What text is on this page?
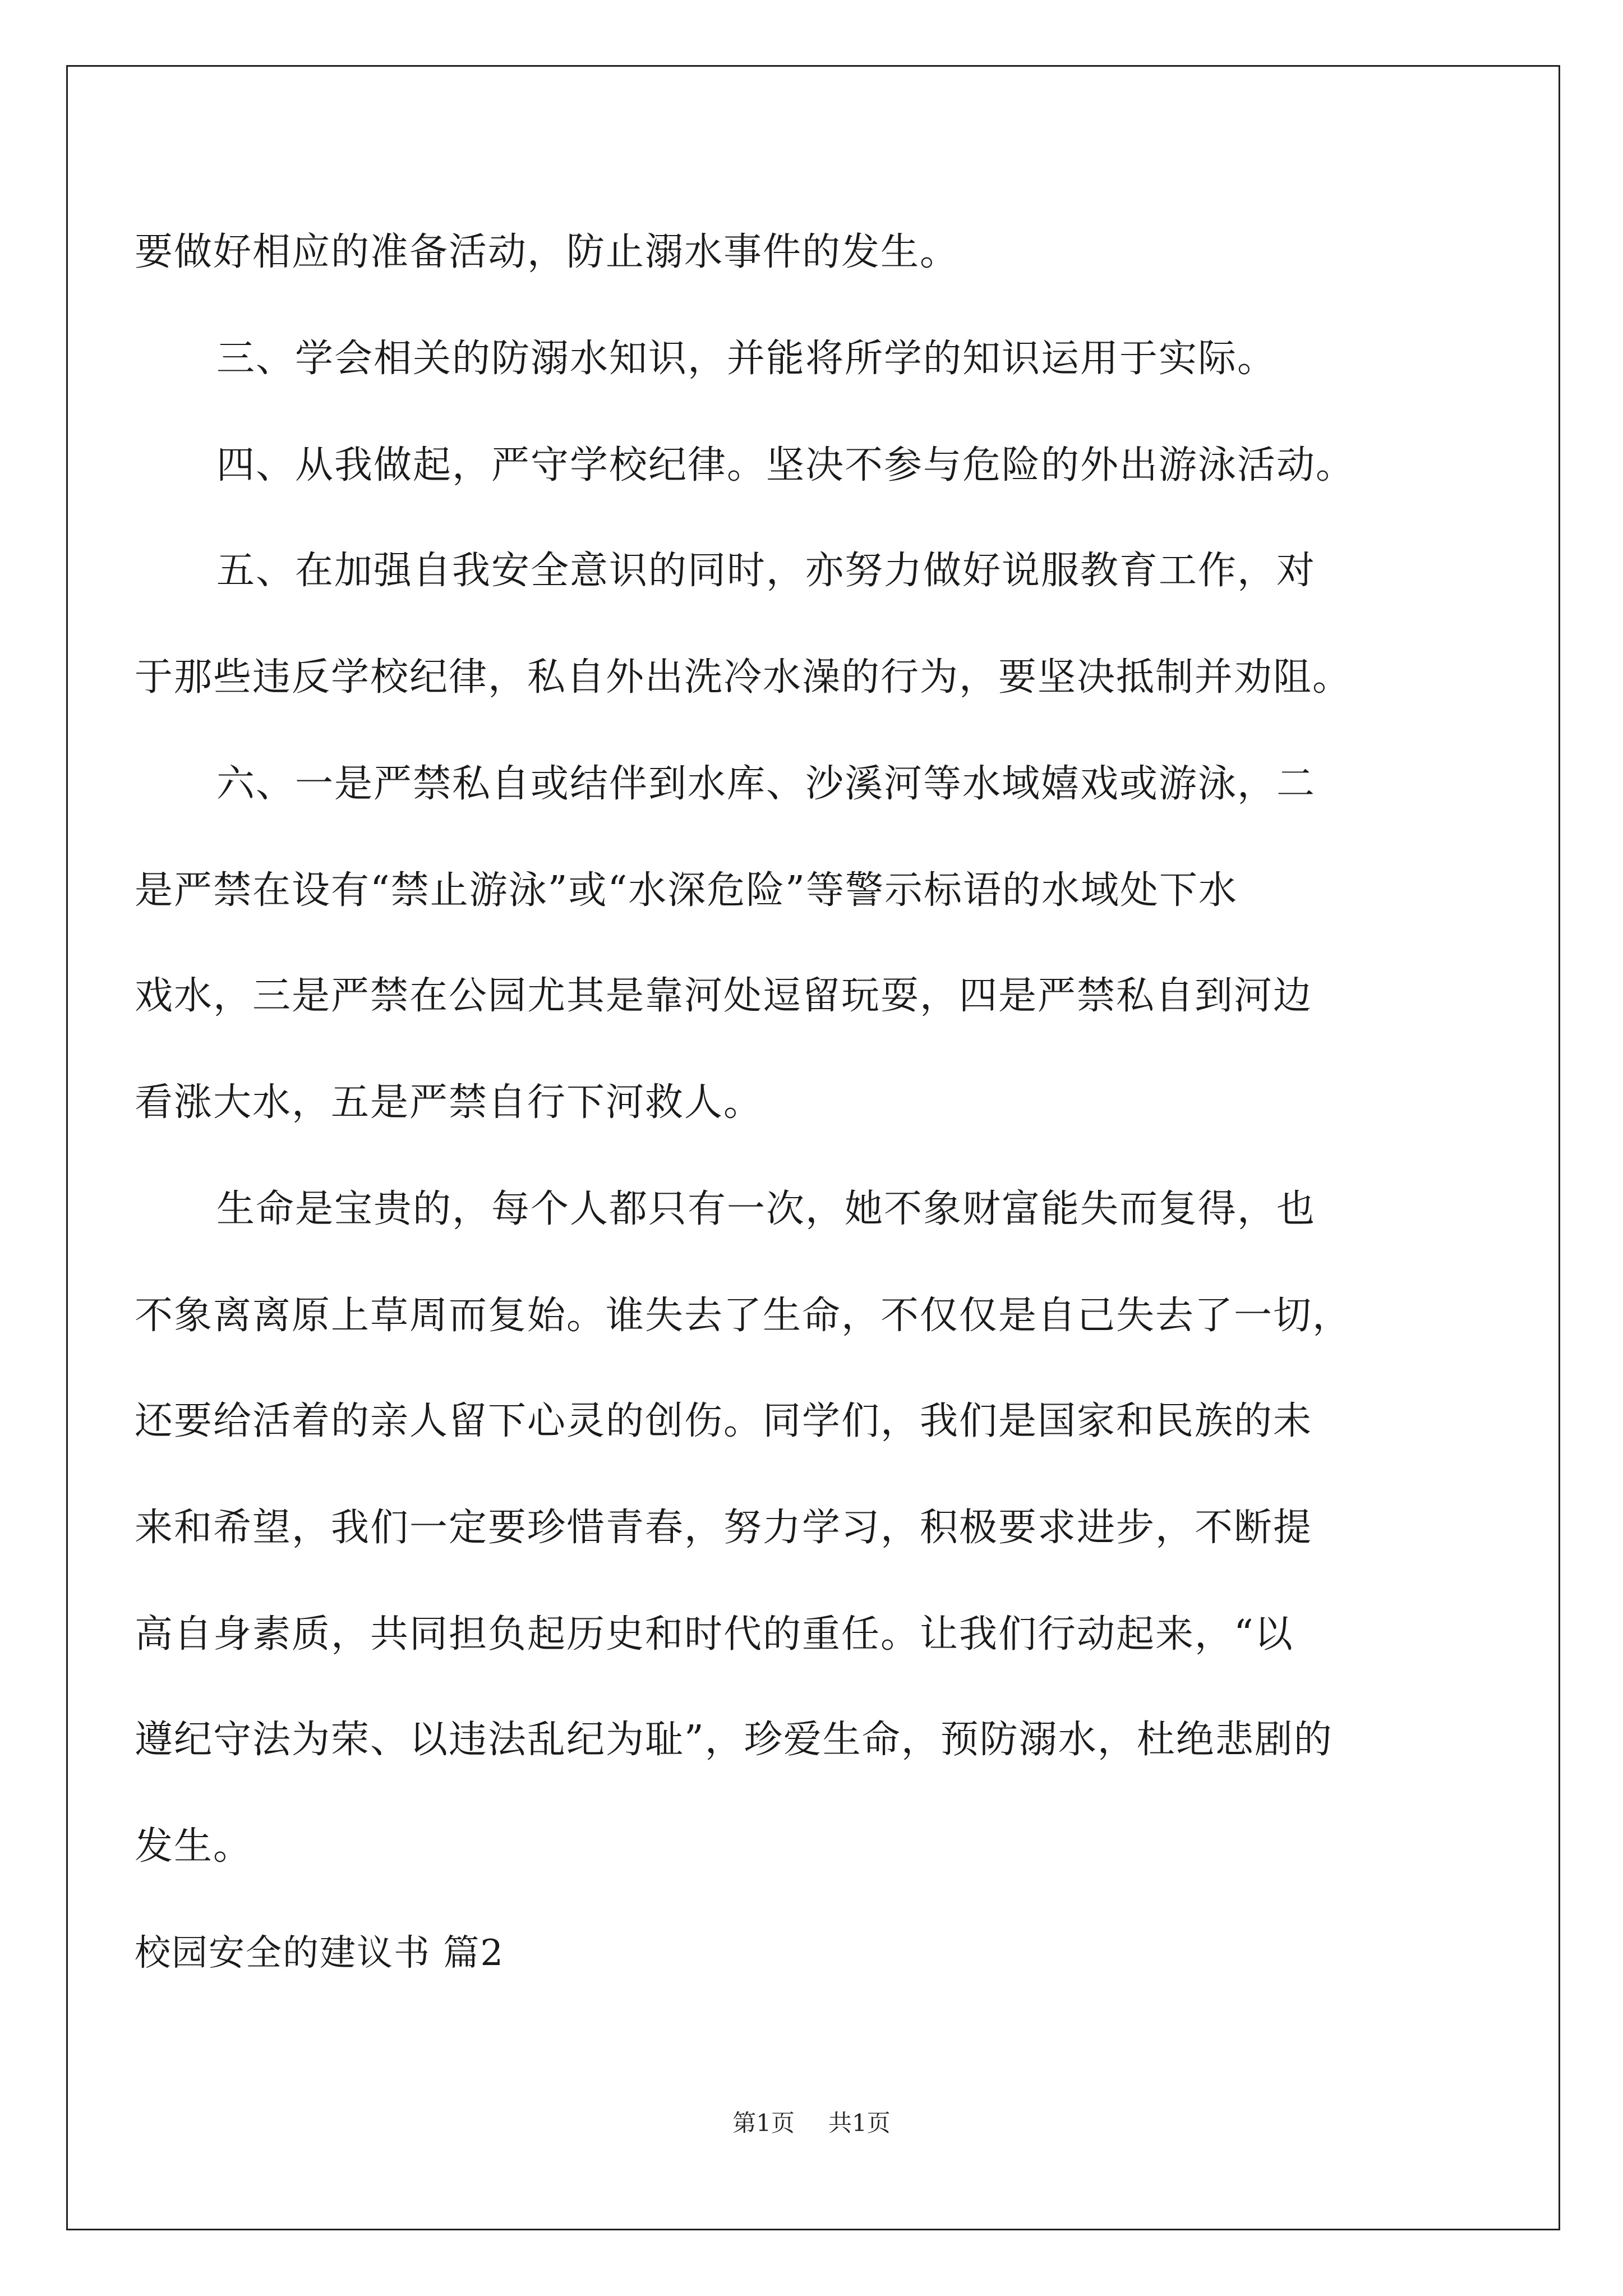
要做好相应的准备活动，防止溺水事件的发生。
三、学会相关的防溺水知识，并能将所学的知识运用于实际。
四、从我做起，严守学校纪律。坚决不参与危险的外出游泳活动。
五、在加强自我安全意识的同时，亦努力做好说服教育工作，对
于那些违反学校纪律，私自外出洗冷水澡的行为，要坚决抵制并劝阻。
六、一是严禁私自或结伴到水库、沙溪河等水域嬉戏或游泳，二
是严禁在设有“禁止游泳”或“水深危险”等警示标语的水域处下水
戏水，三是严禁在公园尤其是靠河处逗留玩耍，四是严禁私自到河边
看涨大水，五是严禁自行下河救人。
生命是宝贵的，每个人都只有一次，她不象财富能失而复得，也
不象离离原上草周而复始。谁失去了生命，不仅仅是自己失去了一切，
还要给活着的亲人留下心灵的创伤。同学们，我们是国家和民族的未
来和希望，我们一定要珍惜青春，努力学习，积极要求进步，不断提
高自身素质，共同担负起历史和时代的重任。让我们行动起来，“以
遵纪守法为荣、以违法乱纪为耻”，珍爱生命，预防溺水，杜绝悲剧的
发生。
校园安全的建议书 篇2
第1页 共1页
